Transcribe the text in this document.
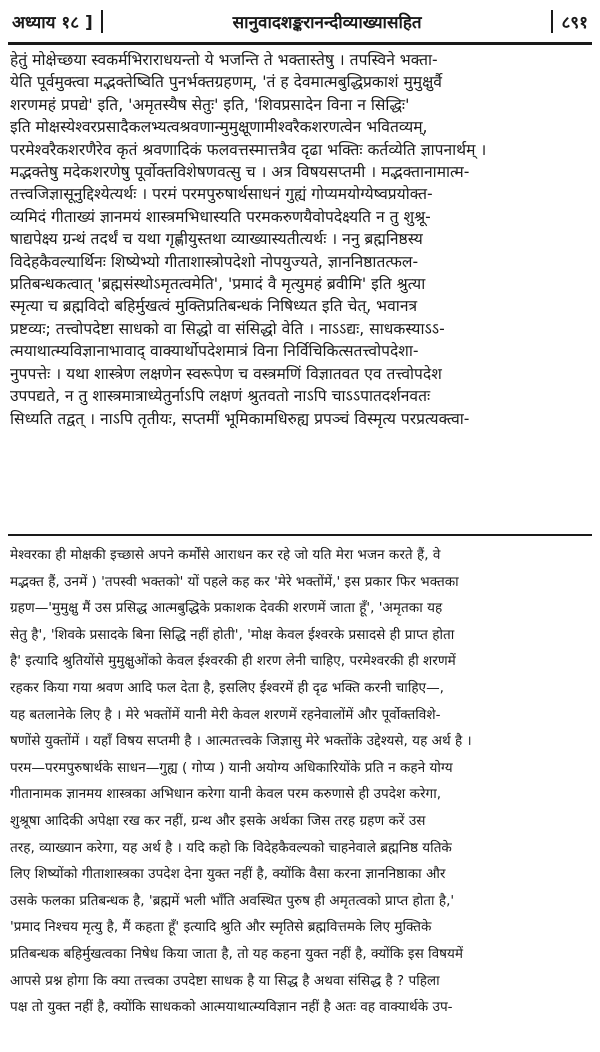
अध्याय १८ ]	सानुवादशङ्करानन्दीव्याख्यासहित	८९१
हेतुं मोक्षेच्छया स्वकर्मभिराराधयन्तो ये भजन्ति ते भक्तास्तेषु । तपस्विने भक्ता-
येति पूर्वमुक्त्वा मद्भक्तेष्विति पुनर्भक्तग्रहणम्, 'तं ह देवमात्मबुद्धिप्रकाशं मुमुक्षुर्वै
शरणमहं प्रपद्ये' इति, 'अमृतस्यैष सेतुः' इति, 'शिवप्रसादेन विना न सिद्धिः'
इति मोक्षस्येश्वरप्रसादैकलभ्यत्वश्रवणान्मुमुक्षूणामीश्वरैकशरणत्वेन भवितव्यम्,
परमेश्वरैकशरणैरेव कृतं श्रवणादिकं फलवत्तस्मात्तत्रैव दृढा भक्तिः कर्तव्येति ज्ञापनार्थम् ।
मद्भक्तेषु मदेकशरणेषु पूर्वोक्तविशेषणवत्सु च । अत्र विषयसप्तमी । मद्भक्तानामात्म-
तत्त्वजिज्ञासूनुद्दिश्येत्यर्थः । परमं परमपुरुषार्थसाधनं गुह्यं गोप्यमयोग्येष्वप्रयोक्त-
व्यमिदं गीताख्यं ज्ञानमयं शास्त्रमभिधास्यति परमकरुणयैवोपदेक्ष्यति न तु शुश्रू-
षाद्यपेक्ष्य ग्रन्थं तदर्थं च यथा गृह्णीयुस्तथा व्याख्यास्यतीत्यर्थः । ननु ब्रह्मनिष्ठस्य
विदेहकैवल्यार्थिनः शिष्येभ्यो गीताशास्त्रोपदेशो नोपयुज्यते, ज्ञाननिष्ठातत्फल-
प्रतिबन्धकत्वात् 'ब्रह्मसंस्थोऽमृतत्वमेति', 'प्रमादं वै मृत्युमहं ब्रवीमि' इति श्रुत्या
स्मृत्या च ब्रह्मविदो बहिर्मुखत्वं मुक्तिप्रतिबन्धकं निषिध्यत इति चेत्, भवानत्र
प्रष्टव्यः; तत्त्वोपदेष्टा साधको वा सिद्धो वा संसिद्धो वेति । नाऽऽद्यः, साधकस्याऽऽ-
त्मयाथात्म्यविज्ञानाभावाद् वाक्यार्थोपदेशमात्रं विना निर्विचिकित्सतत्त्वोपदेशा-
नुपपत्तेः । यथा शास्त्रेण लक्षणेन स्वरूपेण च वस्त्रमणिं विज्ञातवत एव तत्त्वोपदेश
उपपद्यते, न तु शास्त्रमात्राध्येतुर्नाऽपि लक्षणं श्रुतवतो नाऽपि चाऽऽपातदर्शनवतः
सिध्यति तद्वत् । नाऽपि तृतीयः, सप्तमीं भूमिकामधिरुह्य प्रपञ्चं विस्मृत्य परप्रत्यक्त्वा-
मेश्वरका ही मोक्षकी इच्छासे अपने कर्मोंसे आराधन कर रहे जो यति मेरा भजन करते हैं, वे
मद्भक्त हैं, उनमें ) 'तपस्वी भक्तको' यों पहले कह कर 'मेरे भक्तोंमें,' इस प्रकार फिर भक्तका
ग्रहण—'मुमुक्षु मैं उस प्रसिद्ध आत्मबुद्धिके प्रकाशक देवकी शरणमें जाता हूँ', 'अमृतका यह
सेतु है', 'शिवके प्रसादके बिना सिद्धि नहीं होती', 'मोक्ष केवल ईश्वरके प्रसादसे ही प्राप्त होता
है' इत्यादि श्रुतियोंसे मुमुक्षुओंको केवल ईश्वरकी ही शरण लेनी चाहिए, परमेश्वरकी ही शरणमें
रहकर किया गया श्रवण आदि फल देता है, इसलिए ईश्वरमें ही दृढ भक्ति करनी चाहिए—,
यह बतलानेके लिए है । मेरे भक्तोंमें यानी मेरी केवल शरणमें रहनेवालोंमें और पूर्वोक्तविशे-
षणोंसे युक्तोंमें । यहाँ विषय सप्तमी है । आत्मतत्त्वके जिज्ञासु मेरे भक्तोंके उद्देश्यसे, यह अर्थ है ।
परम—परमपुरुषार्थके साधन—गुह्य ( गोप्य ) यानी अयोग्य अधिकारियोंके प्रति न कहने योग्य
गीतानामक ज्ञानमय शास्त्रका अभिधान करेगा यानी केवल परम करुणासे ही उपदेश करेगा,
शुश्रूषा आदिकी अपेक्षा रख कर नहीं, ग्रन्थ और इसके अर्थका जिस तरह ग्रहण करें उस
तरह, व्याख्यान करेगा, यह अर्थ है । यदि कहो कि विदेहकैवल्यको चाहनेवाले ब्रह्मनिष्ठ यतिके
लिए शिष्योंको गीताशास्त्रका उपदेश देना युक्त नहीं है, क्योंकि वैसा करना ज्ञाननिष्ठाका और
उसके फलका प्रतिबन्धक है, 'ब्रह्ममें भली भाँति अवस्थित पुरुष ही अमृतत्वको प्राप्त होता है,'
'प्रमाद निश्चय मृत्यु है, मैं कहता हूँ' इत्यादि श्रुति और स्मृतिसे ब्रह्मवित्तमके लिए मुक्तिके
प्रतिबन्धक बहिर्मुखत्वका निषेध किया जाता है, तो यह कहना युक्त नहीं है, क्योंकि इस विषयमें
आपसे प्रश्न होगा कि क्या तत्त्वका उपदेष्टा साधक है या सिद्ध है अथवा संसिद्ध है ? पहिला
पक्ष तो युक्त नहीं है, क्योंकि साधकको आत्मयाथात्म्यविज्ञान नहीं है अतः वह वाक्यार्थके उप-
